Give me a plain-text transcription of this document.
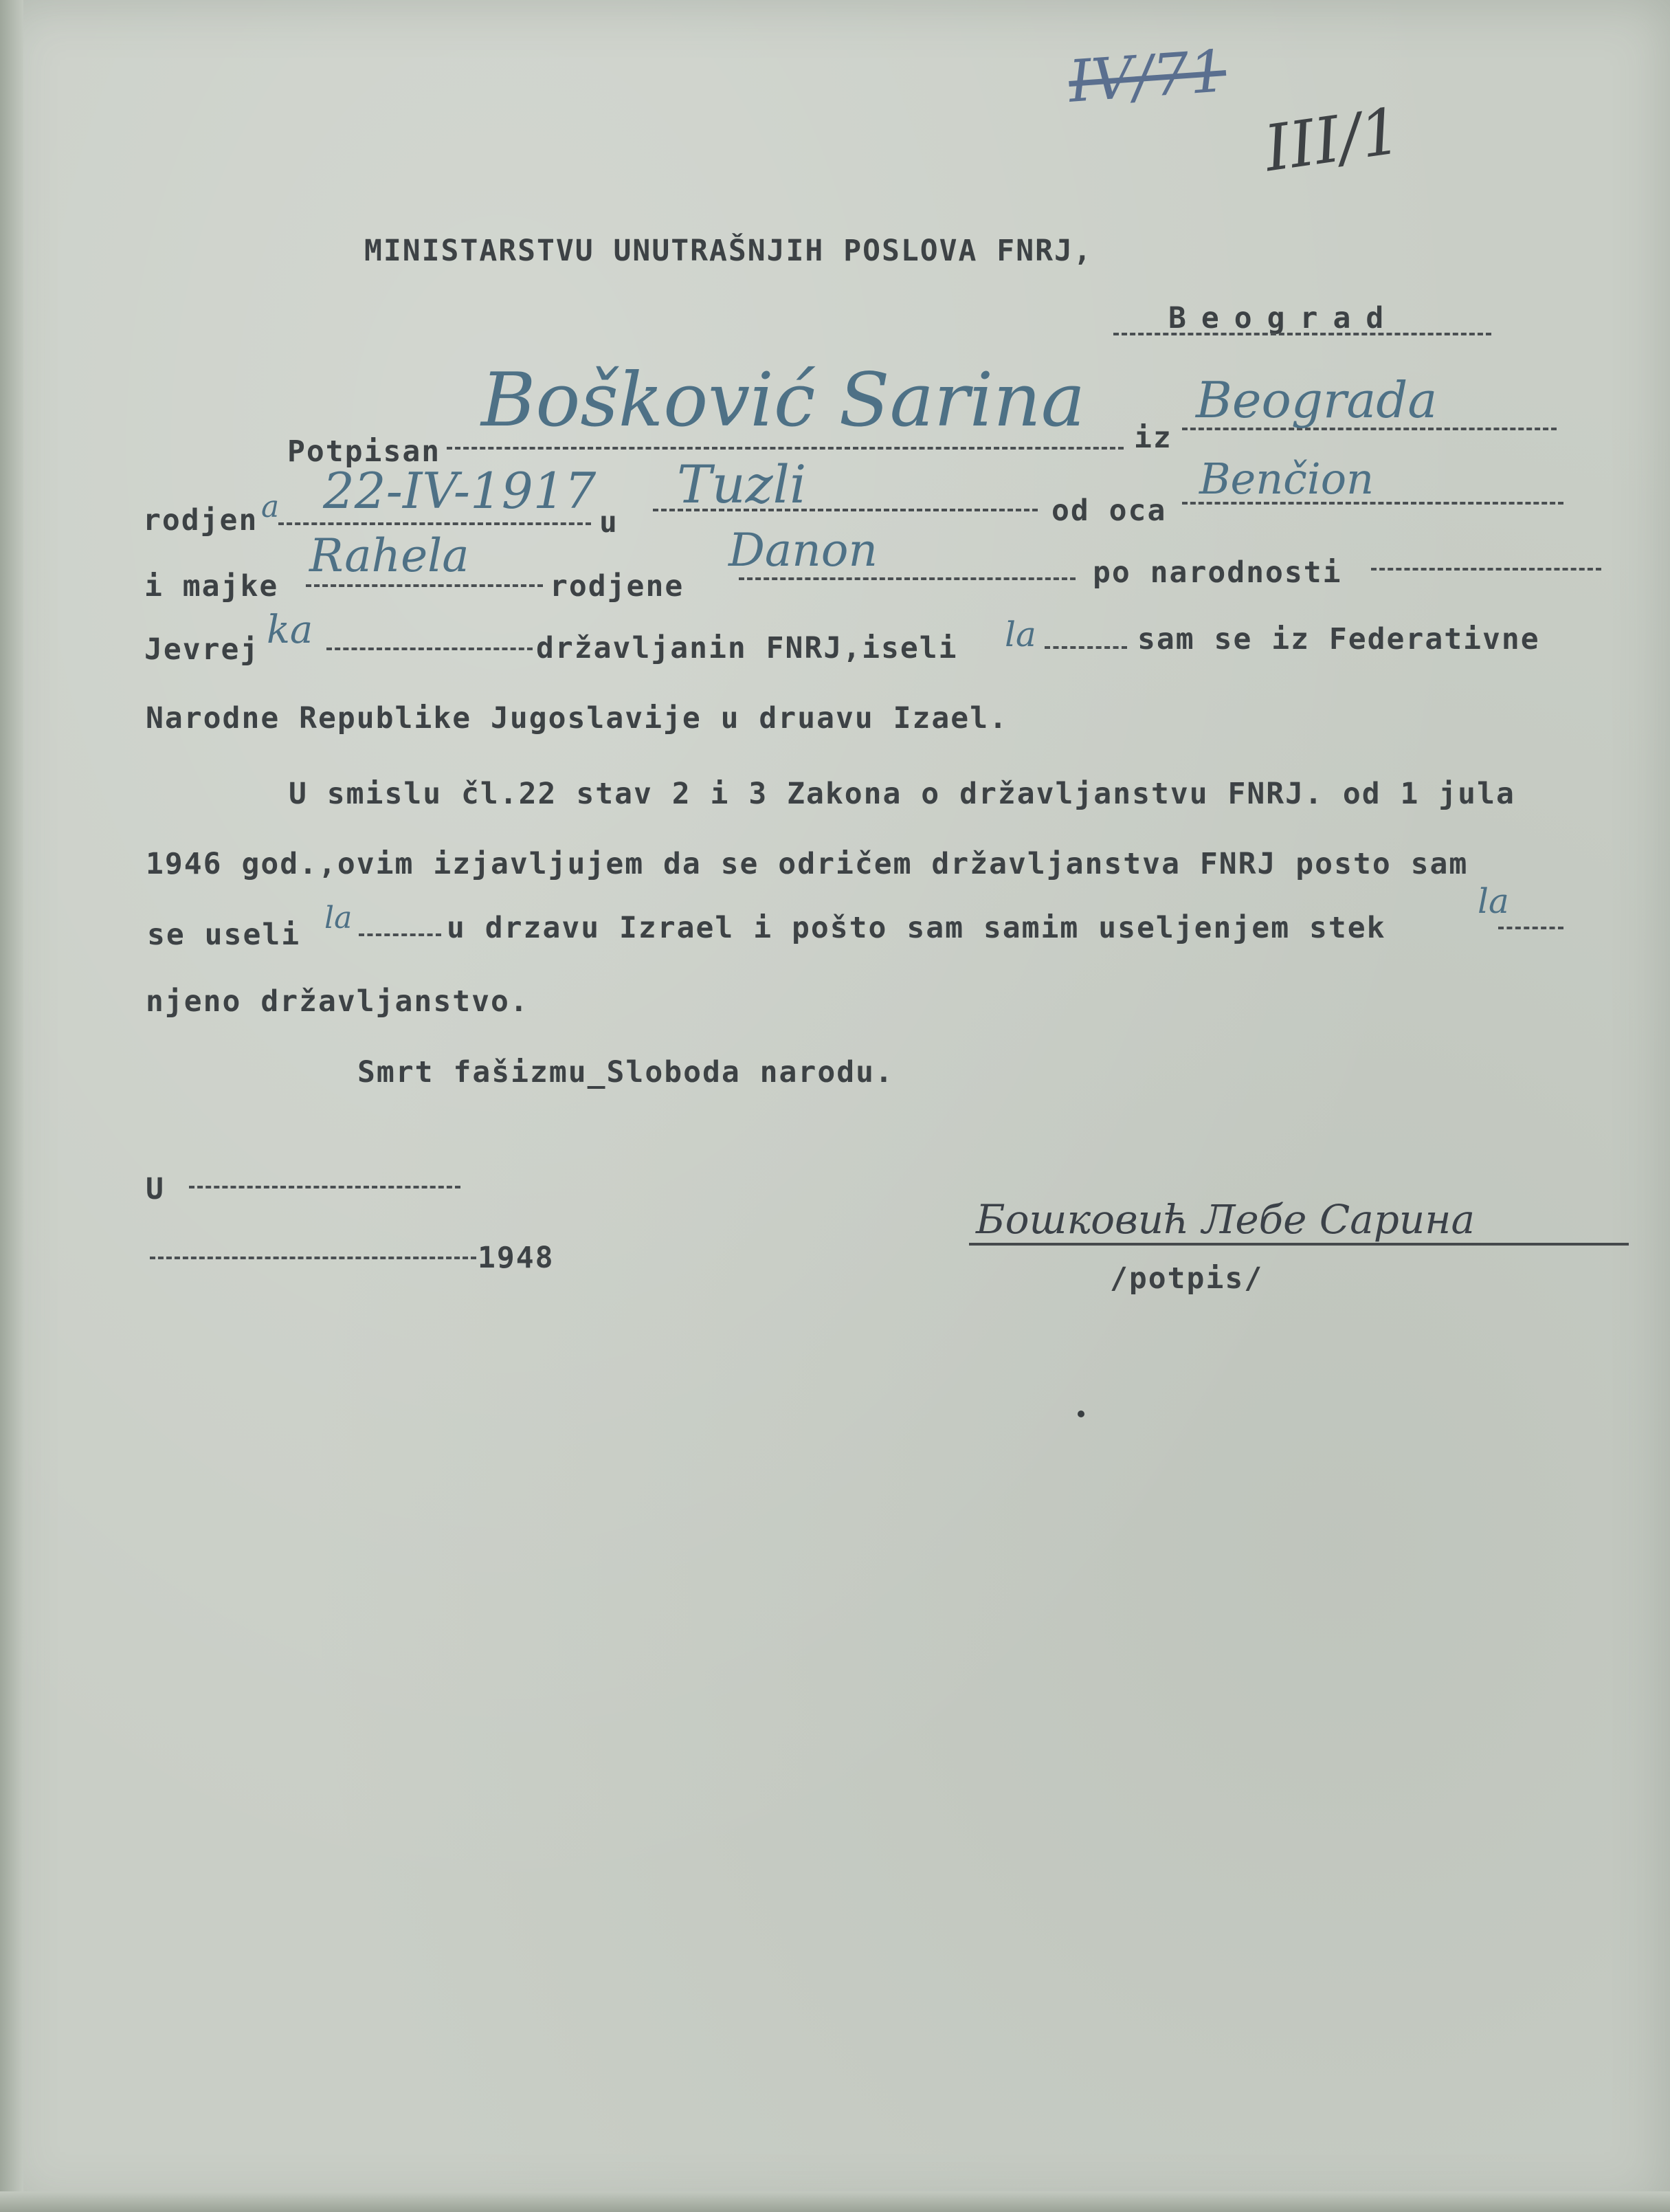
IV/71
III/1
MINISTARSTVU UNUTRAŠNJIH POSLOVA FNRJ,
Beograd
Potpisan
Bošković Sarina iz
Beograda
rodjen a 22-IV-1917
u
Tuzli	od oca
Benčion
i majke
Rahela
rodjene
Danon	po narodnosti
Jevrej ka	državljanin FNRJ,iseli la	sam se iz Federativne
Narodne Republike Jugoslavije u druavu Izael.
U smislu čl.22 stav 2 i 3 Zakona o državljanstvu FNRJ. od 1 jula
1946 god.,ovim izjavljujem da se odričem državljanstva FNRJ posto sam
se useli la	u drzavu Izrael i pošto sam samim useljenjem stek
la
njeno državljanstvo.
Smrt fašizmu_Sloboda narodu.
U
1948
Бошковић Лебе Сарина
/potpis/
